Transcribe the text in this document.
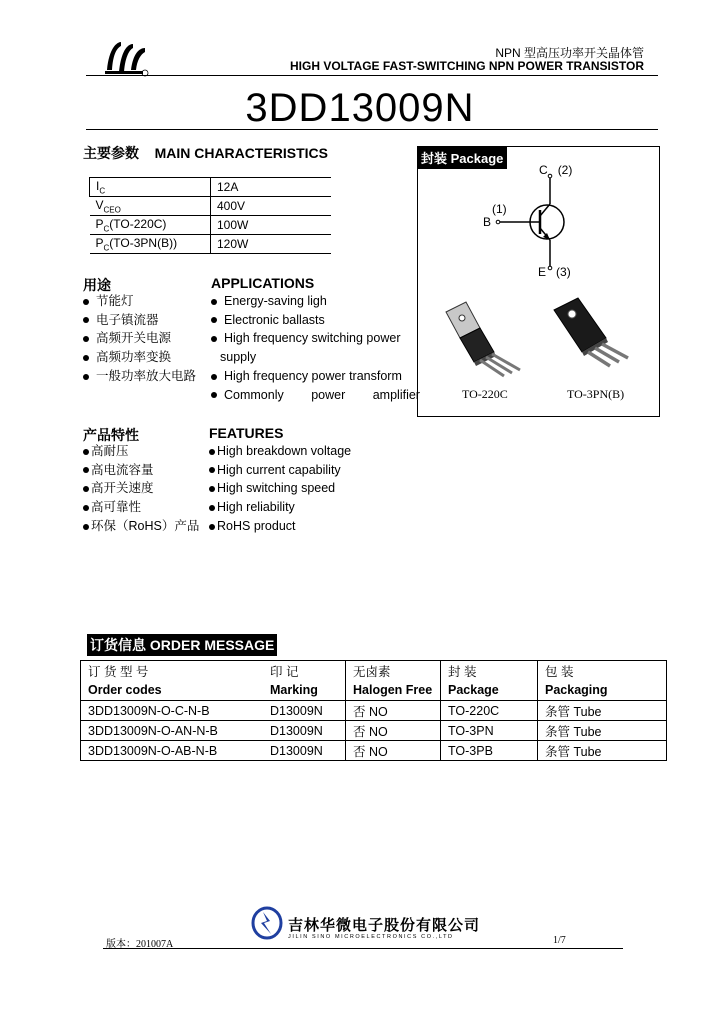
NPN 型高压功率开关晶体管
HIGH VOLTAGE FAST-SWITCHING NPN POWER TRANSISTOR
3DD13009N
主要参数 MAIN CHARACTERISTICS
$I_C$	12A
$V_{CEO}$	400V
$P_C(TO-220C)$	100W
$P_C(TO-3PN(B))$	120W
用途	APPLICATIONS
节能灯
电子镇流器
高频开关电源
高频功率变换
一般功率放大电路
Energy-saving ligh
Electronic ballasts
High frequency switching power
supply
High frequency power transform
Commonly power amplifier
产品特性	FEATURES
高耐压
高电流容量
高开关速度
高可靠性
环保（RoHS）产品
High breakdown voltage
High current capability
High switching speed
High reliability
RoHS product
封装 Package
C (2)
B
(1)
E (3)
TO-220C	TO-3PN(B)
订货信息 ORDER MESSAGE
订 货 型 号	印 记	无卤素	封 装	包 装
Order codes	Marking	Halogen Free	Package	Packaging
3DD13009N-O-C-N-B	D13009N	否 NO	TO-220C	条管 Tube
3DD13009N-O-AN-N-B	D13009N	否 NO	TO-3PN	条管 Tube
3DD13009N-O-AB-N-B	D13009N	否 NO	TO-3PB	条管 Tube
吉林华微电子股份有限公司
JILIN SINO MICROELECTRONICS CO.,LTD
版本：201007A	1/7
